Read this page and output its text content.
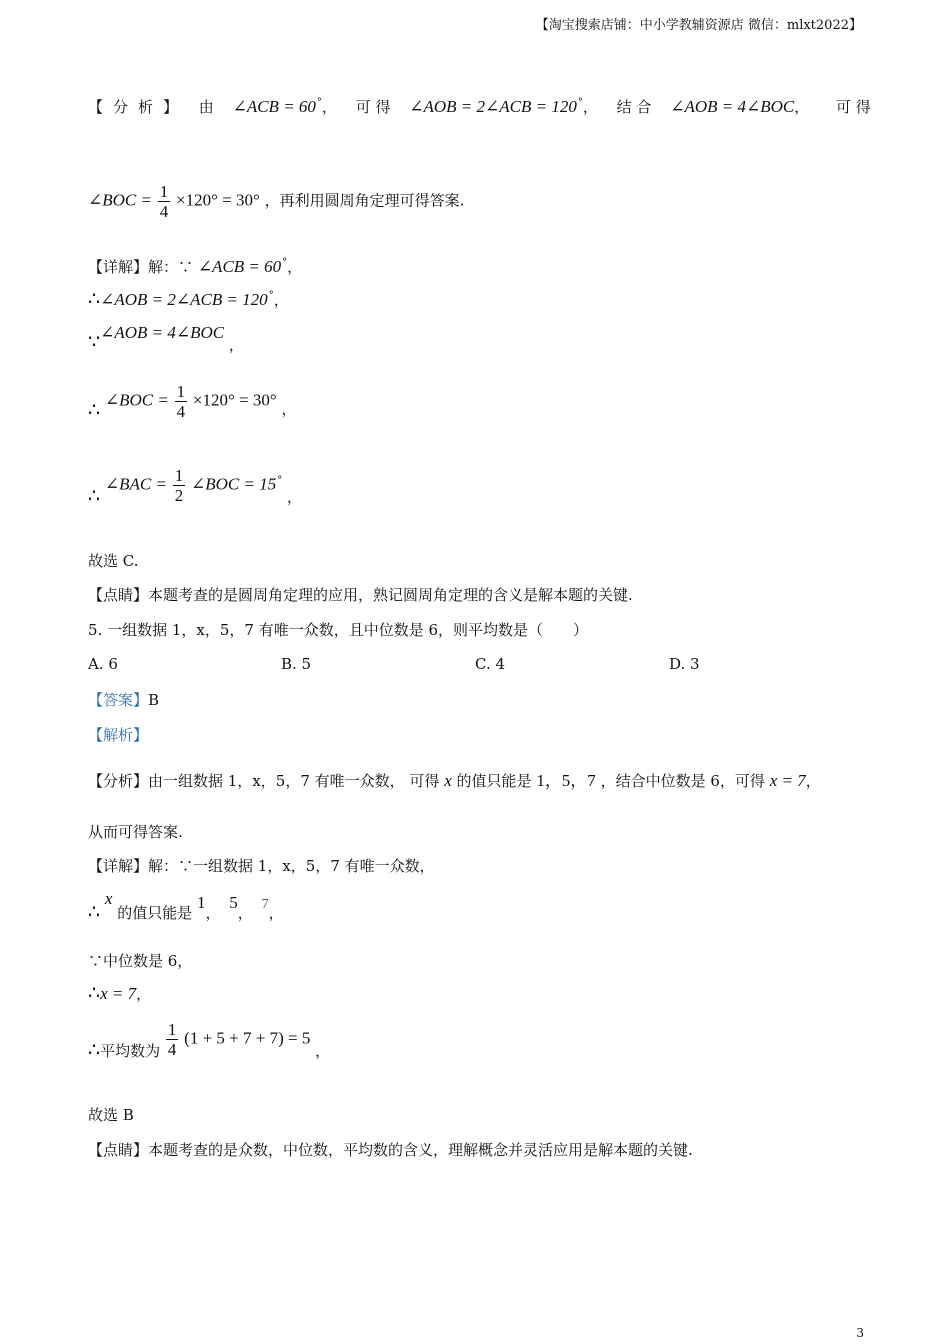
【淘宝搜索店铺：中小学教辅资源店 微信：mlxt2022】
【分析】 由 ∠ACB = 60°， 可 得 ∠AOB = 2∠ACB = 120°， 结 合 ∠AOB = 4∠BOC， 可 得
∠BOC = $\frac{1}{4} \times 120^\circ = 30^\circ$ ，再利用圆周角定理可得答案.
【详解】解：∵ ∠ACB = 60°，
∴∠AOB = 2∠ACB = 120°，
∵∠AOB = 4∠BOC ，
∴ ∠BOC = $\frac{1}{4} \times 120^\circ = 30^\circ$ ，
∴ ∠BAC = $\frac{1}{2}$ ∠BOC = 15° ，
故选 C.
【点睛】本题考查的是圆周角定理的应用，熟记圆周角定理的含义是解本题的关键.
5. 一组数据 1，x，5，7 有唯一众数，且中位数是 6，则平均数是（　　）
A. 6	B. 5	C. 4	D. 3
【答案】B
【解析】
【分析】由一组数据 1，x，5，7 有唯一众数， 可得 x 的值只能是 1，5，7 ，结合中位数是 6，可得 x = 7，
从而可得答案.
【详解】解：∵一组数据 1，x，5，7 有唯一众数，
∴ x 的值只能是 1， 5， 7，
∵中位数是 6，
∴x = 7，
∴平均数为 $\frac{1}{4} (1 + 5 + 7 + 7) = 5$ ，
故选 B
【点睛】本题考查的是众数，中位数，平均数的含义，理解概念并灵活应用是解本题的关键.
3
